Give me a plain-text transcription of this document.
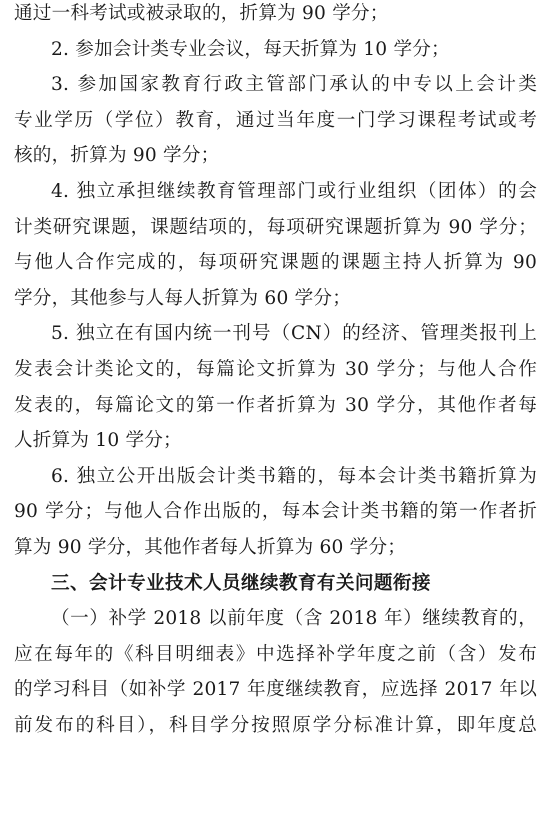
通过一科考试或被录取的，折算为 90 学分；
2. 参加会计类专业会议，每天折算为 10 学分；
3. 参加国家教育行政主管部门承认的中专以上会计类
专业学历（学位）教育，通过当年度一门学习课程考试或考
核的，折算为 90 学分；
4. 独立承担继续教育管理部门或行业组织（团体）的会
计类研究课题，课题结项的，每项研究课题折算为 90 学分；
与他人合作完成的，每项研究课题的课题主持人折算为 90
学分，其他参与人每人折算为 60 学分；
5. 独立在有国内统一刊号（CN）的经济、管理类报刊上
发表会计类论文的，每篇论文折算为 30 学分；与他人合作
发表的，每篇论文的第一作者折算为 30 学分，其他作者每
人折算为 10 学分；
6. 独立公开出版会计类书籍的，每本会计类书籍折算为
90 学分；与他人合作出版的，每本会计类书籍的第一作者折
算为 90 学分，其他作者每人折算为 60 学分；

三、会计专业技术人员继续教育有关问题衔接

（一）补学 2018 以前年度（含 2018 年）继续教育的，
应在每年的《科目明细表》中选择补学年度之前（含）发布
的学习科目（如补学 2017 年度继续教育，应选择 2017 年以
前发布的科目），科目学分按照原学分标准计算，即年度总
